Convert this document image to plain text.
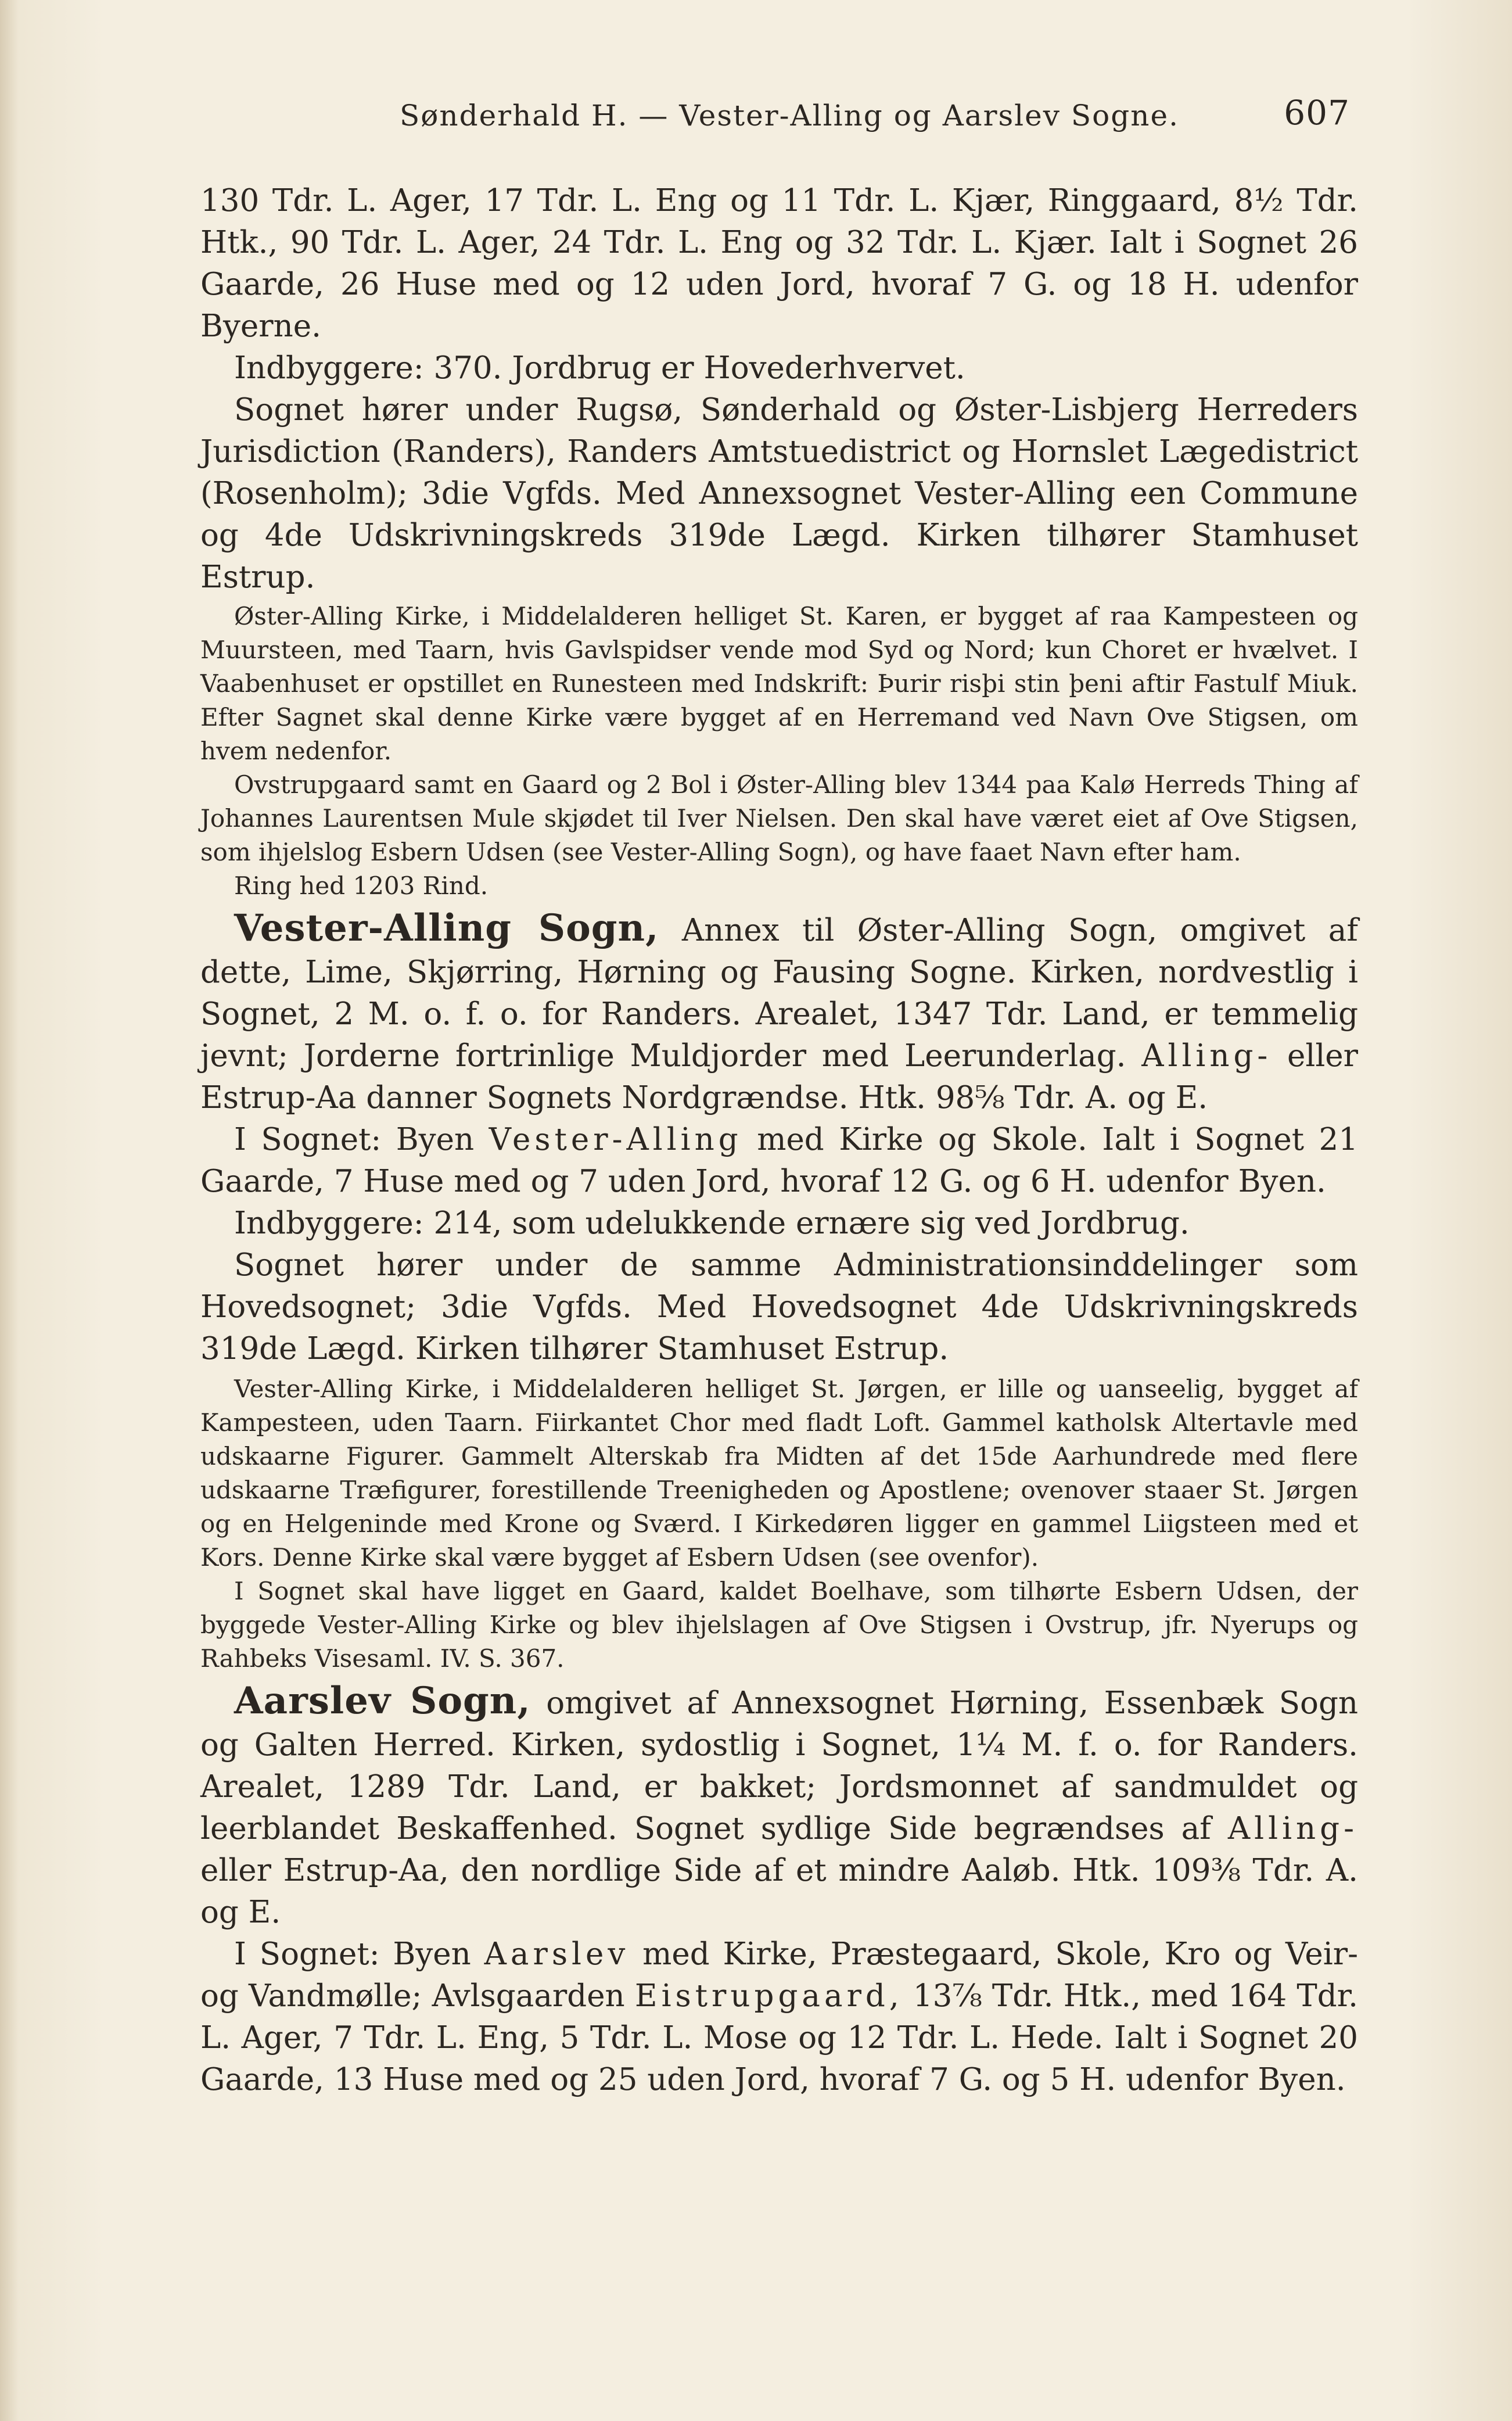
Sønderhald H. — Vester-Alling og Aarslev Sogne.	607

130 Tdr. L. Ager, 17 Tdr. L. Eng og 11 Tdr. L. Kjær, Ringgaard, 8½ Tdr. Htk., 90 Tdr. L. Ager, 24 Tdr. L. Eng og 32 Tdr. L. Kjær. Ialt i Sognet 26 Gaarde, 26 Huse med og 12 uden Jord, hvoraf 7 G. og 18 H. udenfor Byerne.

Indbyggere: 370. Jordbrug er Hovederhvervet.

Sognet hører under Rugsø, Sønderhald og Øster-Lisbjerg Herreders Jurisdiction (Randers), Randers Amtstuedistrict og Hornslet Lægedistrict (Rosenholm); 3die Vgfds. Med Annexsognet Vester-Alling een Commune og 4de Udskrivningskreds 319de Lægd. Kirken tilhører Stamhuset Estrup.

Øster-Alling Kirke, i Middelalderen helliget St. Karen, er bygget af raa Kampesteen og Muursteen, med Taarn, hvis Gavlspidser vende mod Syd og Nord; kun Choret er hvælvet. I Vaabenhuset er opstillet en Runesteen med Indskrift: Þurir risþi stin þeni aftir Fastulf Miuk. Efter Sagnet skal denne Kirke være bygget af en Herremand ved Navn Ove Stigsen, om hvem nedenfor.

Ovstrupgaard samt en Gaard og 2 Bol i Øster-Alling blev 1344 paa Kalø Herreds Thing af Johannes Laurentsen Mule skjødet til Iver Nielsen. Den skal have været eiet af Ove Stigsen, som ihjelslog Esbern Udsen (see Vester-Alling Sogn), og have faaet Navn efter ham.

Ring hed 1203 Rind.

Vester-Alling Sogn, Annex til Øster-Alling Sogn, omgivet af dette, Lime, Skjørring, Hørning og Fausing Sogne. Kirken, nordvestlig i Sognet, 2 M. o. f. o. for Randers. Arealet, 1347 Tdr. Land, er temmelig jevnt; Jorderne fortrinlige Muldjorder med Leerunderlag. Alling- eller Estrup-Aa danner Sognets Nordgrændse. Htk. 98⅝ Tdr. A. og E.

I Sognet: Byen Vester-Alling med Kirke og Skole. Ialt i Sognet 21 Gaarde, 7 Huse med og 7 uden Jord, hvoraf 12 G. og 6 H. udenfor Byen.

Indbyggere: 214, som udelukkende ernære sig ved Jordbrug.

Sognet hører under de samme Administrationsinddelinger som Hovedsognet; 3die Vgfds. Med Hovedsognet 4de Udskrivningskreds 319de Lægd. Kirken tilhører Stamhuset Estrup.

Vester-Alling Kirke, i Middelalderen helliget St. Jørgen, er lille og uanseelig, bygget af Kampesteen, uden Taarn. Fiirkantet Chor med fladt Loft. Gammel katholsk Altertavle med udskaarne Figurer. Gammelt Alterskab fra Midten af det 15de Aarhundrede med flere udskaarne Træfigurer, forestillende Treenigheden og Apostlene; ovenover staaer St. Jørgen og en Helgeninde med Krone og Sværd. I Kirkedøren ligger en gammel Liigsteen med et Kors. Denne Kirke skal være bygget af Esbern Udsen (see ovenfor).

I Sognet skal have ligget en Gaard, kaldet Boelhave, som tilhørte Esbern Udsen, der byggede Vester-Alling Kirke og blev ihjelslagen af Ove Stigsen i Ovstrup, jfr. Nyerups og Rahbeks Visesaml. IV. S. 367.

Aarslev Sogn, omgivet af Annexsognet Hørning, Essenbæk Sogn og Galten Herred. Kirken, sydostlig i Sognet, 1¼ M. f. o. for Randers. Arealet, 1289 Tdr. Land, er bakket; Jordsmonnet af sandmuldet og leerblandet Beskaffenhed. Sognet sydlige Side begrændses af Alling- eller Estrup-Aa, den nordlige Side af et mindre Aaløb. Htk. 109⅜ Tdr. A. og E.

I Sognet: Byen Aarslev med Kirke, Præstegaard, Skole, Kro og Veir- og Vandmølle; Avlsgaarden Eistrupgaard, 13⅞ Tdr. Htk., med 164 Tdr. L. Ager, 7 Tdr. L. Eng, 5 Tdr. L. Mose og 12 Tdr. L. Hede. Ialt i Sognet 20 Gaarde, 13 Huse med og 25 uden Jord, hvoraf 7 G. og 5 H. udenfor Byen.
